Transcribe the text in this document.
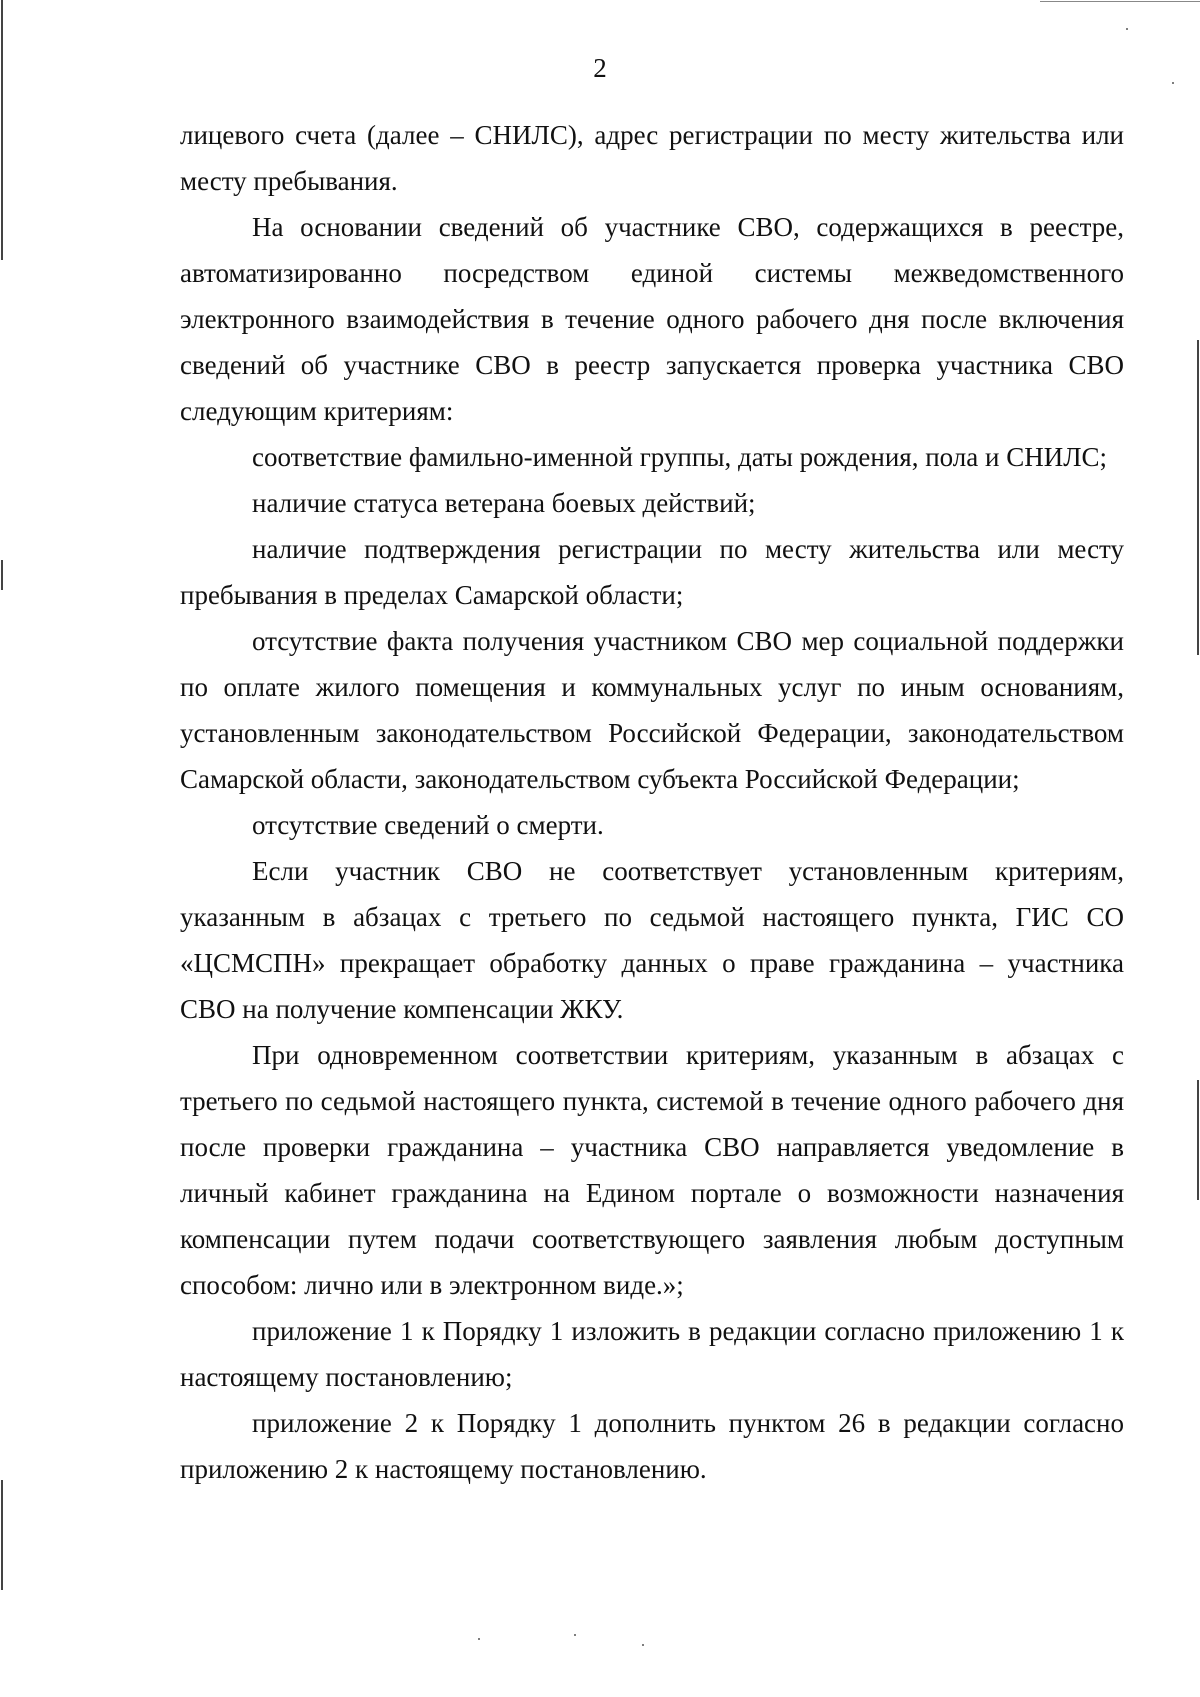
2

лицевого счета (далее – СНИЛС), адрес регистрации по месту жительства или месту пребывания.

На основании сведений об участнике СВО, содержащихся в реестре, автоматизированно посредством единой системы межведомственного электронного взаимодействия в течение одного рабочего дня после включения сведений об участнике СВО в реестр запускается проверка участника СВО следующим критериям:

соответствие фамильно-именной группы, даты рождения, пола и СНИЛС;

наличие статуса ветерана боевых действий;

наличие подтверждения регистрации по месту жительства или месту пребывания в пределах Самарской области;

отсутствие факта получения участником СВО мер социальной поддержки по оплате жилого помещения и коммунальных услуг по иным основаниям, установленным законодательством Российской Федерации, законодательством Самарской области, законодательством субъекта Российской Федерации;

отсутствие сведений о смерти.

Если участник СВО не соответствует установленным критериям, указанным в абзацах с третьего по седьмой настоящего пункта, ГИС СО «ЦСМСПН» прекращает обработку данных о праве гражданина – участника СВО на получение компенсации ЖКУ.

При одновременном соответствии критериям, указанным в абзацах с третьего по седьмой настоящего пункта, системой в течение одного рабочего дня после проверки гражданина – участника СВО направляется уведомление в личный кабинет гражданина на Едином портале о возможности назначения компенсации путем подачи соответствующего заявления любым доступным способом: лично или в электронном виде.»;

приложение 1 к Порядку 1 изложить в редакции согласно приложению 1 к настоящему постановлению;

приложение 2 к Порядку 1 дополнить пунктом 26 в редакции согласно приложению 2 к настоящему постановлению.
